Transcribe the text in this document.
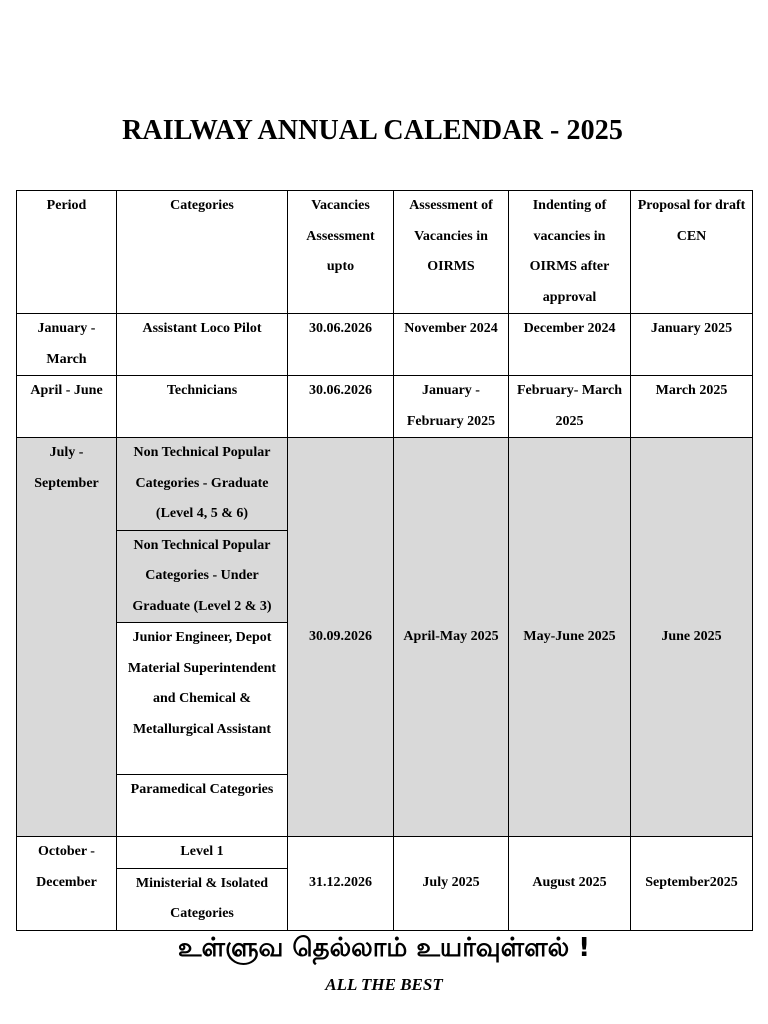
RAILWAY ANNUAL CALENDAR - 2025
Period	Categories	Vacancies Assessment upto	Assessment of Vacancies in OIRMS	Indenting of vacancies in OIRMS after approval	Proposal for draft CEN
January - March	Assistant Loco Pilot	30.06.2026	November 2024	December 2024	January 2025
April - June	Technicians	30.06.2026	January - February 2025	February- March 2025	March 2025
July - September	Non Technical Popular Categories - Graduate (Level 4, 5 & 6)	30.09.2026	April-May 2025	May-June 2025	June 2025
	Non Technical Popular Categories - Under Graduate (Level 2 & 3)				
	Junior Engineer, Depot Material Superintendent and Chemical & Metallurgical Assistant				
	Paramedical Categories				
October - December	Level 1	31.12.2026	July 2025	August 2025	September2025
	Ministerial & Isolated Categories				
உள்ளுவ தெல்லாம் உயர்வுள்ளல் !
ALL THE BEST
